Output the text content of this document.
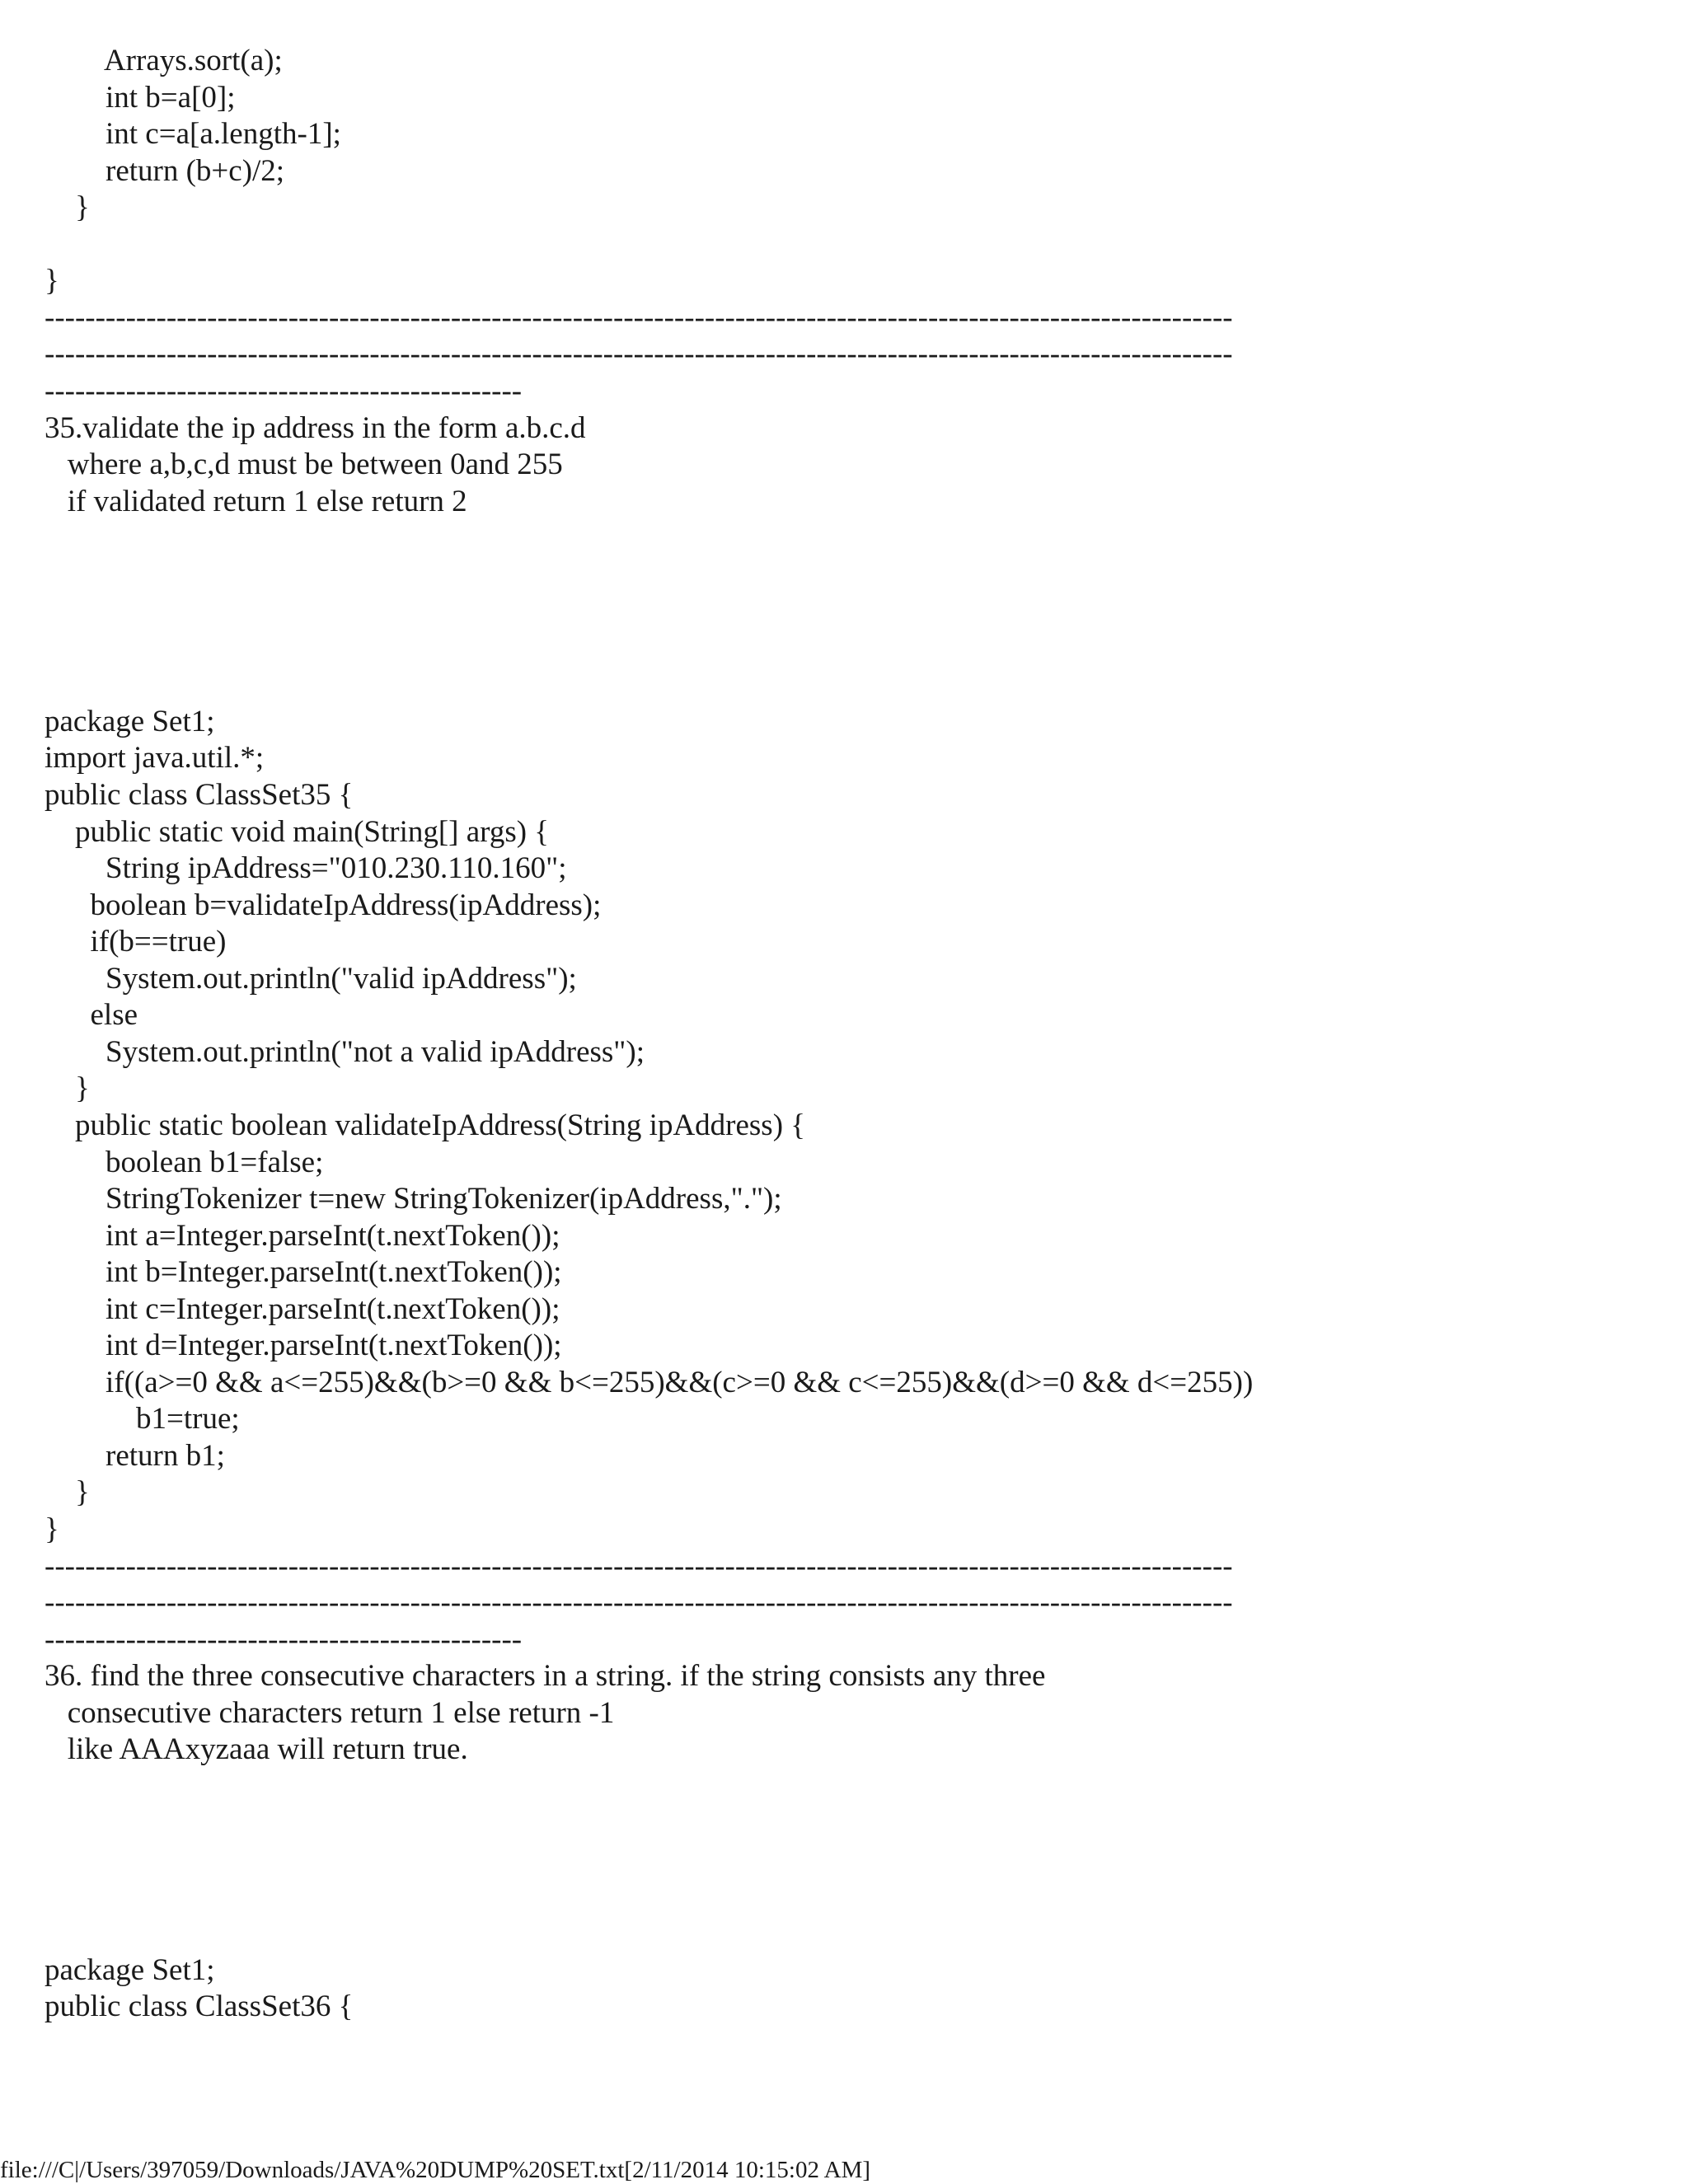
Arrays.sort(a);
int b=a[0];
int c=a[a.length-1];
return (b+c)/2;
}
}
---------------------------------------------------------------------------------------------------------------------
---------------------------------------------------------------------------------------------------------------------
-----------------------------------------------
35.validate the ip address in the form a.b.c.d
where a,b,c,d must be between 0and 255
if validated return 1 else return 2
package Set1;
import java.util.*;
public class ClassSet35 {
public static void main(String[] args) {
String ipAddress="010.230.110.160";
boolean b=validateIpAddress(ipAddress);
if(b==true)
System.out.println("valid ipAddress");
else
System.out.println("not a valid ipAddress");
}
public static boolean validateIpAddress(String ipAddress) {
boolean b1=false;
StringTokenizer t=new StringTokenizer(ipAddress,".");
int a=Integer.parseInt(t.nextToken());
int b=Integer.parseInt(t.nextToken());
int c=Integer.parseInt(t.nextToken());
int d=Integer.parseInt(t.nextToken());
if((a>=0 && a<=255)&&(b>=0 && b<=255)&&(c>=0 && c<=255)&&(d>=0 && d<=255))
b1=true;
return b1;
}
}
---------------------------------------------------------------------------------------------------------------------
---------------------------------------------------------------------------------------------------------------------
-----------------------------------------------
36. find the three consecutive characters in a string. if the string consists any three
consecutive characters return 1 else return -1
like AAAxyzaaa will return true.
package Set1;
public class ClassSet36 {
file:///C|/Users/397059/Downloads/JAVA%20DUMP%20SET.txt[2/11/2014 10:15:02 AM]
